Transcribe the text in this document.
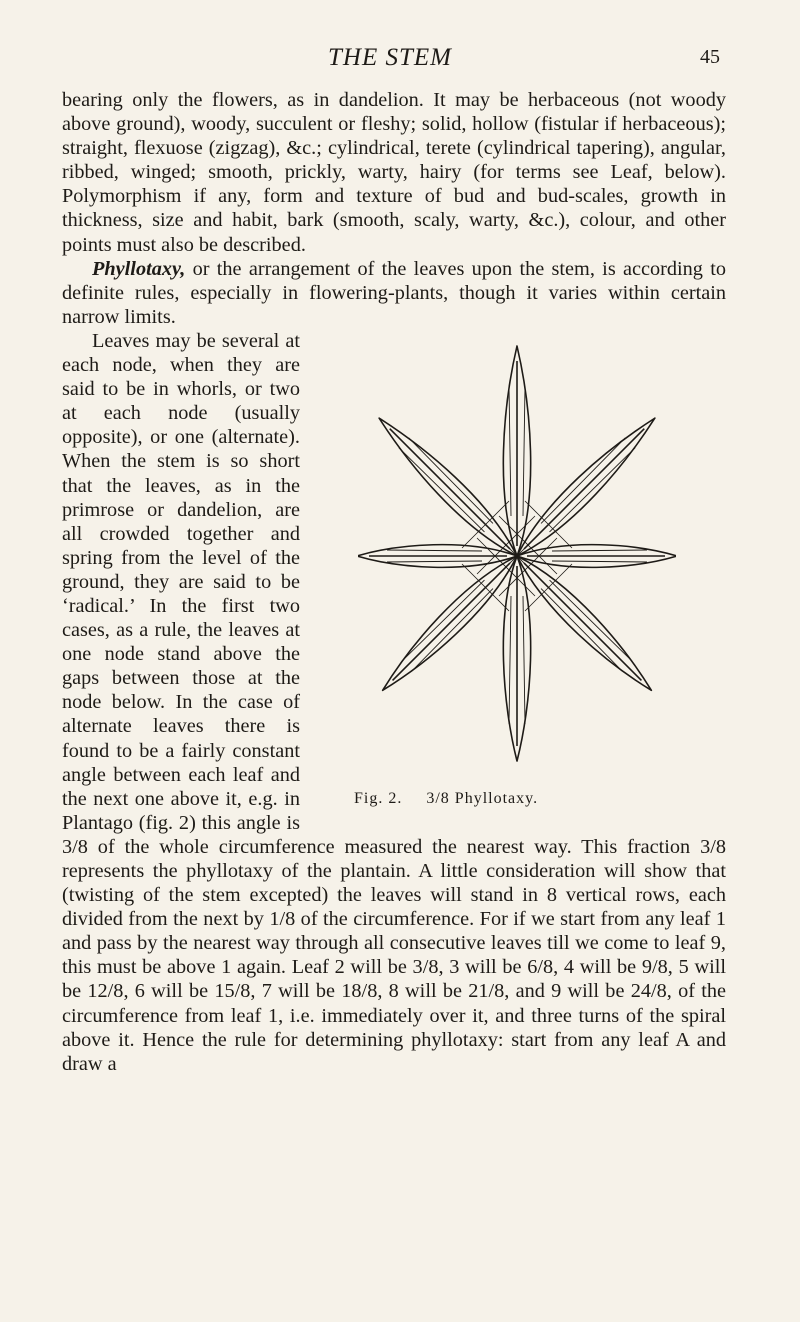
THE STEM	45

bearing only the flowers, as in dandelion. It may be herbaceous (not woody above ground), woody, succulent or fleshy; solid, hollow (fistular if herbaceous); straight, flexuose (zigzag), &c.; cylindrical, terete (cylindrical tapering), angular, ribbed, winged; smooth, prickly, warty, hairy (for terms see Leaf, below). Polymorphism if any, form and texture of bud and bud-scales, growth in thickness, size and habit, bark (smooth, scaly, warty, &c.), colour, and other points must also be described.

Phyllotaxy, or the arrangement of the leaves upon the stem, is according to definite rules, especially in flowering-plants, though it varies within certain narrow limits.

Fig. 2. 3/8 Phyllotaxy.

Leaves may be several at each node, when they are said to be in whorls, or two at each node (usually opposite), or one (alternate). When the stem is so short that the leaves, as in the primrose or dandelion, are all crowded together and spring from the level of the ground, they are said to be ‘radical.’ In the first two cases, as a rule, the leaves at one node stand above the gaps between those at the node below. In the case of alternate leaves there is found to be a fairly constant angle between each leaf and the next one above it, e.g. in Plantago (fig. 2) this angle is 3/8 of the whole circumference measured the nearest way. This fraction 3/8 represents the phyllotaxy of the plantain. A little consideration will show that (twisting of the stem excepted) the leaves will stand in 8 vertical rows, each divided from the next by 1/8 of the circumference. For if we start from any leaf 1 and pass by the nearest way through all consecutive leaves till we come to leaf 9, this must be above 1 again. Leaf 2 will be 3/8, 3 will be 6/8, 4 will be 9/8, 5 will be 12/8, 6 will be 15/8, 7 will be 18/8, 8 will be 21/8, and 9 will be 24/8, of the circumference from leaf 1, i.e. immediately over it, and three turns of the spiral above it. Hence the rule for determining phyllotaxy: start from any leaf A and draw a
